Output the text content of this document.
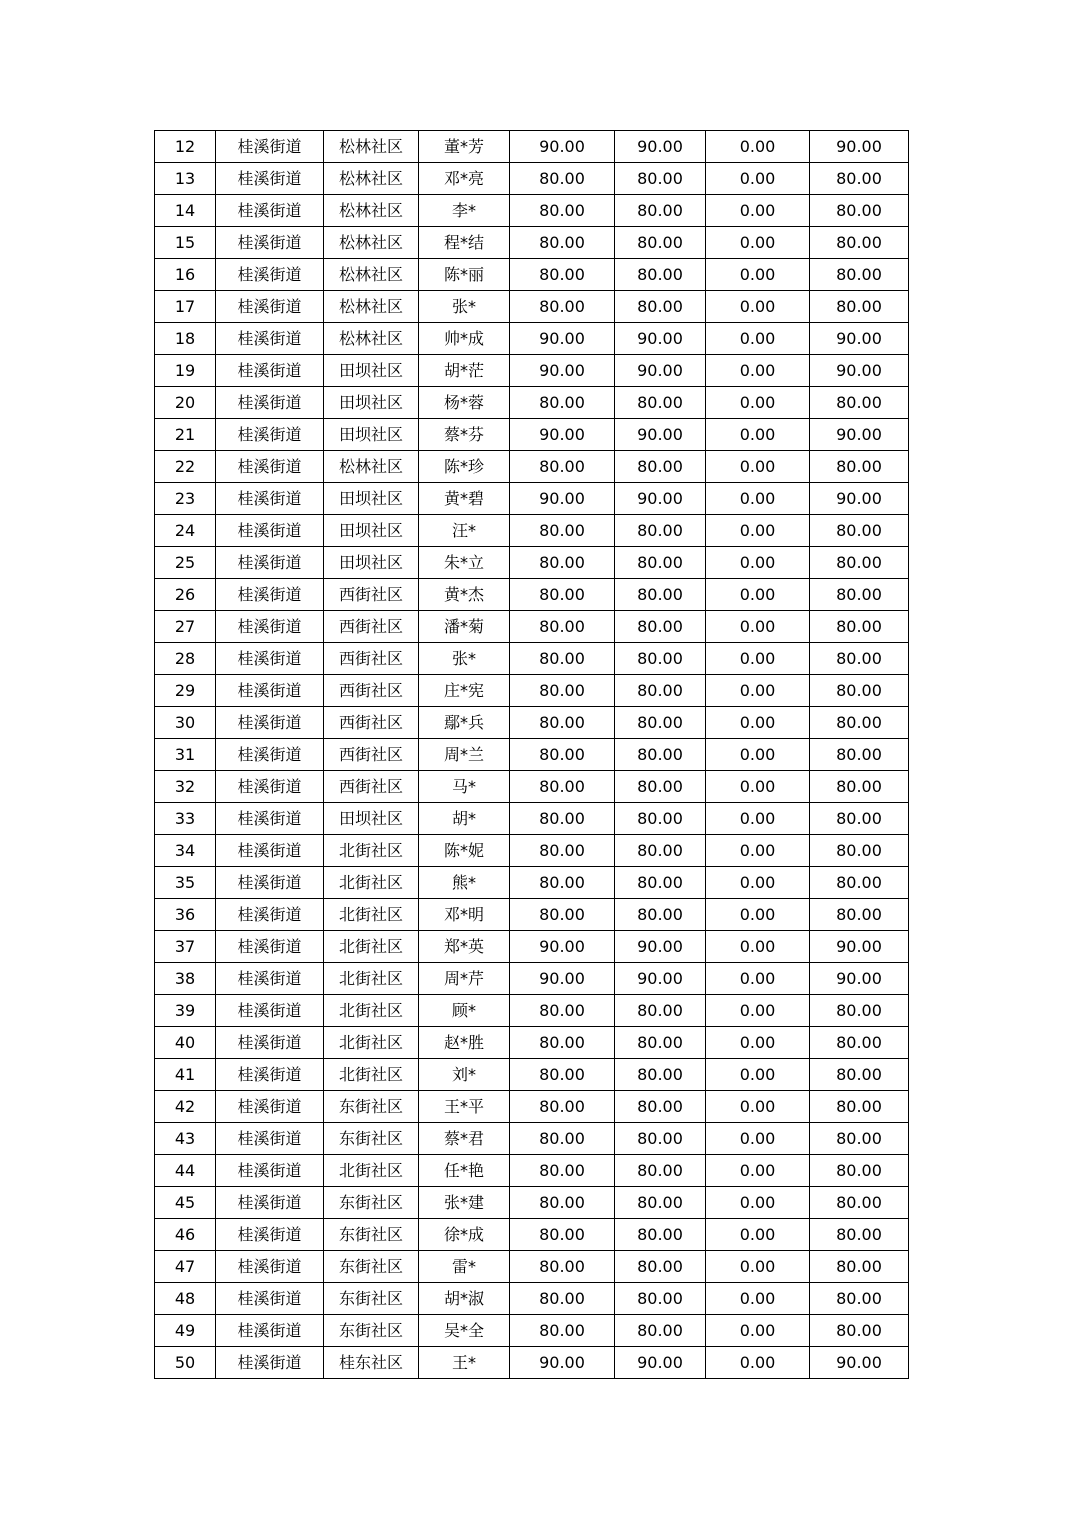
12	桂溪街道	松林社区	董*芳	90.00	90.00	0.00	90.00
13	桂溪街道	松林社区	邓*亮	80.00	80.00	0.00	80.00
14	桂溪街道	松林社区	李*	80.00	80.00	0.00	80.00
15	桂溪街道	松林社区	程*结	80.00	80.00	0.00	80.00
16	桂溪街道	松林社区	陈*丽	80.00	80.00	0.00	80.00
17	桂溪街道	松林社区	张*	80.00	80.00	0.00	80.00
18	桂溪街道	松林社区	帅*成	90.00	90.00	0.00	90.00
19	桂溪街道	田坝社区	胡*茫	90.00	90.00	0.00	90.00
20	桂溪街道	田坝社区	杨*蓉	80.00	80.00	0.00	80.00
21	桂溪街道	田坝社区	蔡*芬	90.00	90.00	0.00	90.00
22	桂溪街道	松林社区	陈*珍	80.00	80.00	0.00	80.00
23	桂溪街道	田坝社区	黄*碧	90.00	90.00	0.00	90.00
24	桂溪街道	田坝社区	汪*	80.00	80.00	0.00	80.00
25	桂溪街道	田坝社区	朱*立	80.00	80.00	0.00	80.00
26	桂溪街道	西街社区	黄*杰	80.00	80.00	0.00	80.00
27	桂溪街道	西街社区	潘*菊	80.00	80.00	0.00	80.00
28	桂溪街道	西街社区	张*	80.00	80.00	0.00	80.00
29	桂溪街道	西街社区	庄*宪	80.00	80.00	0.00	80.00
30	桂溪街道	西街社区	鄢*兵	80.00	80.00	0.00	80.00
31	桂溪街道	西街社区	周*兰	80.00	80.00	0.00	80.00
32	桂溪街道	西街社区	马*	80.00	80.00	0.00	80.00
33	桂溪街道	田坝社区	胡*	80.00	80.00	0.00	80.00
34	桂溪街道	北街社区	陈*妮	80.00	80.00	0.00	80.00
35	桂溪街道	北街社区	熊*	80.00	80.00	0.00	80.00
36	桂溪街道	北街社区	邓*明	80.00	80.00	0.00	80.00
37	桂溪街道	北街社区	郑*英	90.00	90.00	0.00	90.00
38	桂溪街道	北街社区	周*芹	90.00	90.00	0.00	90.00
39	桂溪街道	北街社区	顾*	80.00	80.00	0.00	80.00
40	桂溪街道	北街社区	赵*胜	80.00	80.00	0.00	80.00
41	桂溪街道	北街社区	刘*	80.00	80.00	0.00	80.00
42	桂溪街道	东街社区	王*平	80.00	80.00	0.00	80.00
43	桂溪街道	东街社区	蔡*君	80.00	80.00	0.00	80.00
44	桂溪街道	北街社区	任*艳	80.00	80.00	0.00	80.00
45	桂溪街道	东街社区	张*建	80.00	80.00	0.00	80.00
46	桂溪街道	东街社区	徐*成	80.00	80.00	0.00	80.00
47	桂溪街道	东街社区	雷*	80.00	80.00	0.00	80.00
48	桂溪街道	东街社区	胡*淑	80.00	80.00	0.00	80.00
49	桂溪街道	东街社区	吴*全	80.00	80.00	0.00	80.00
50	桂溪街道	桂东社区	王*	90.00	90.00	0.00	90.00
